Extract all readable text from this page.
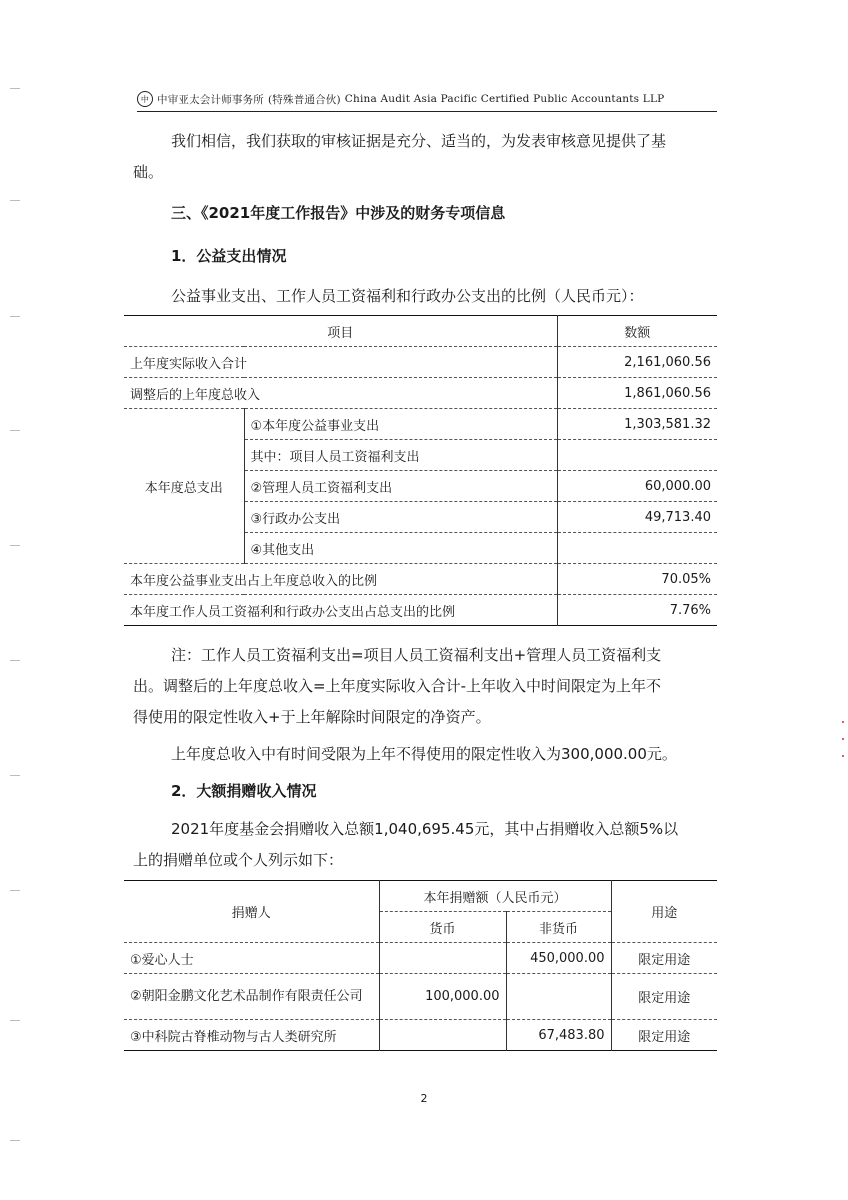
中 中审亚太会计师事务所 (特殊普通合伙) China Audit Asia Pacific Certified Public Accountants LLP
我们相信，我们获取的审核证据是充分、适当的，为发表审核意见提供了基
础。
三、《2021年度工作报告》中涉及的财务专项信息
1．公益支出情况
公益事业支出、工作人员工资福利和行政办公支出的比例（人民币元）：
项目		数额
上年度实际收入合计		2,161,060.56
调整后的上年度总收入		1,861,060.56
本年度总支出	①本年度公益事业支出	1,303,581.32
	其中：项目人员工资福利支出	
	②管理人员工资福利支出	60,000.00
	③行政办公支出	49,713.40
	④其他支出	
本年度公益事业支出占上年度总收入的比例		70.05%
本年度工作人员工资福利和行政办公支出占总支出的比例		7.76%
注：工作人员工资福利支出=项目人员工资福利支出+管理人员工资福利支
出。调整后的上年度总收入=上年度实际收入合计-上年收入中时间限定为上年不
得使用的限定性收入+于上年解除时间限定的净资产。
上年度总收入中有时间受限为上年不得使用的限定性收入为300,000.00元。
2．大额捐赠收入情况
2021年度基金会捐赠收入总额1,040,695.45元，其中占捐赠收入总额5%以
上的捐赠单位或个人列示如下：
捐赠人	本年捐赠额（人民币元）		用途
	货币	非货币	
①爱心人士		450,000.00	限定用途
②朝阳金鹏文化艺术品制作有限责任公司	100,000.00		限定用途
③中科院古脊椎动物与古人类研究所		67,483.80	限定用途
2
